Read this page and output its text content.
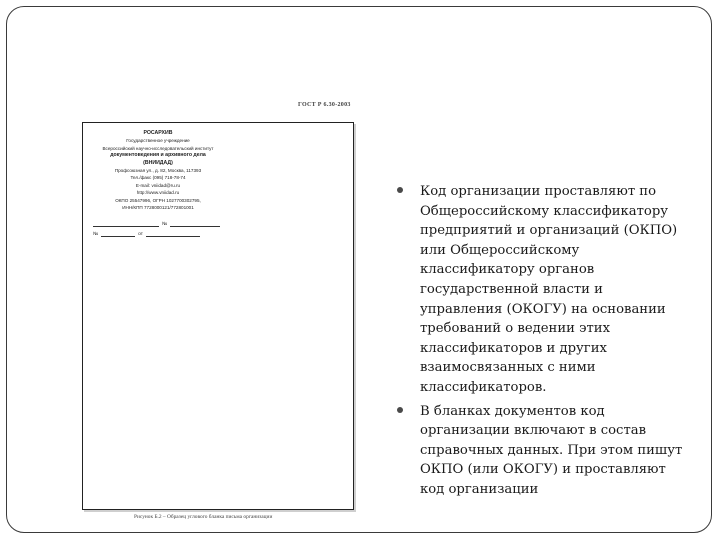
ГОСТ Р 6.30-2003
РОСАРХИВ
Государственное учреждение
Всероссийский научно-исследовательский институт
документоведения и архивного дела
(ВНИИДАД)
Профсоюзная ул., д. 82, Москва, 117393
Тел./факс (095) 718-78-74
E-mail: vniidad@ru.ru
http://www.vniidad.ru
ОКПО 25547996, ОГРН 1027700302795,
ИНН/КПП 7728000121/772801001
№
№	от
Рисунок Б.2 – Образец углового бланка письма организации
Код организации проставляют по Общероссийскому классификатору предприятий и организаций (ОКПО) или Общероссийскому классификатору органов государственной власти и управления (ОКОГУ) на основании требований о ведении этих классификаторов и других взаимосвязанных с ними классификаторов.
В бланках документов код организации включают в состав справочных данных. При этом пишут ОКПО (или ОКОГУ) и проставляют код организации
